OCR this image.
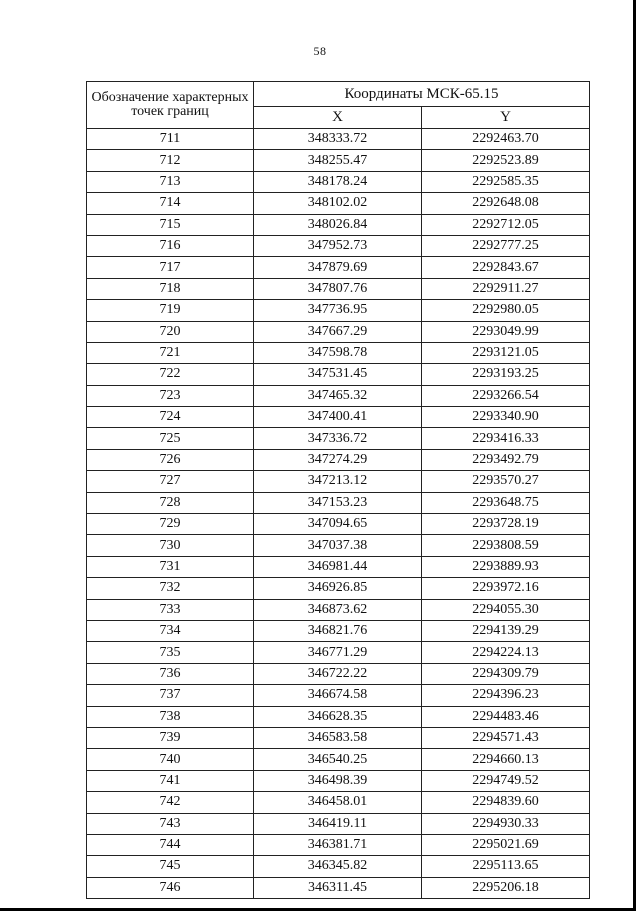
58
Обозначение характерных точек границ	Координаты МСК-65.15	
	X	Y
711	348333.72	2292463.70
712	348255.47	2292523.89
713	348178.24	2292585.35
714	348102.02	2292648.08
715	348026.84	2292712.05
716	347952.73	2292777.25
717	347879.69	2292843.67
718	347807.76	2292911.27
719	347736.95	2292980.05
720	347667.29	2293049.99
721	347598.78	2293121.05
722	347531.45	2293193.25
723	347465.32	2293266.54
724	347400.41	2293340.90
725	347336.72	2293416.33
726	347274.29	2293492.79
727	347213.12	2293570.27
728	347153.23	2293648.75
729	347094.65	2293728.19
730	347037.38	2293808.59
731	346981.44	2293889.93
732	346926.85	2293972.16
733	346873.62	2294055.30
734	346821.76	2294139.29
735	346771.29	2294224.13
736	346722.22	2294309.79
737	346674.58	2294396.23
738	346628.35	2294483.46
739	346583.58	2294571.43
740	346540.25	2294660.13
741	346498.39	2294749.52
742	346458.01	2294839.60
743	346419.11	2294930.33
744	346381.71	2295021.69
745	346345.82	2295113.65
746	346311.45	2295206.18
